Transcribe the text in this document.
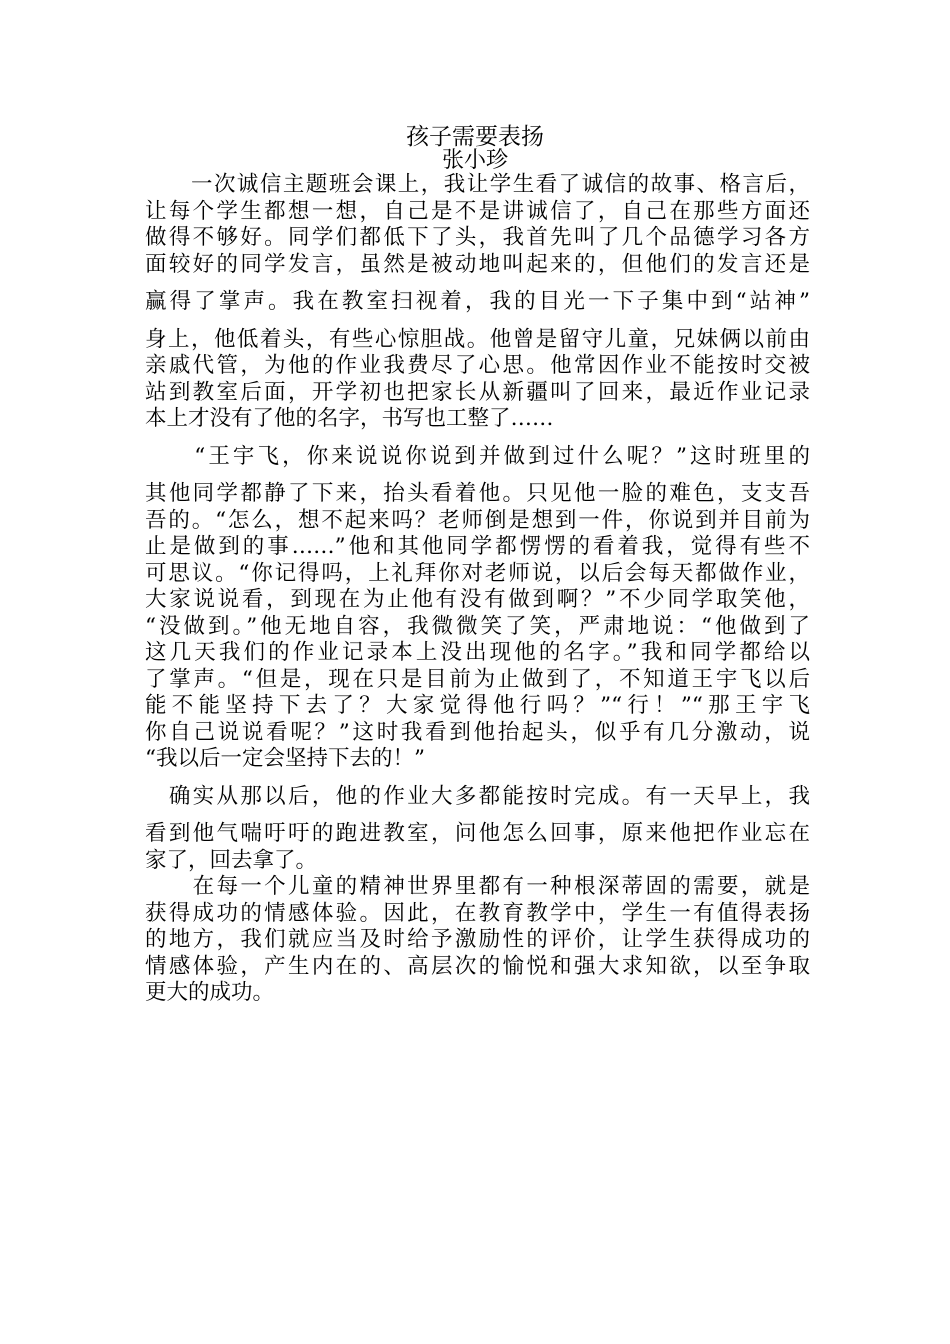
孩子需要表扬
张小珍
　　一次诚信主题班会课上，我让学生看了诚信的故事、格言后，
让每个学生都想一想，自己是不是讲诚信了，自己在那些方面还
做得不够好。同学们都低下了头，我首先叫了几个品德学习各方
面较好的同学发言，虽然是被动地叫起来的，但他们的发言还是
赢得了掌声。我在教室扫视着，我的目光一下子集中到“站神”
身上，他低着头，有些心惊胆战。他曾是留守儿童，兄妹俩以前由
亲戚代管，为他的作业我费尽了心思。他常因作业不能按时交被
站到教室后面，开学初也把家长从新疆叫了回来，最近作业记录
本上才没有了他的名字，书写也工整了……
　　“王宇飞，你来说说你说到并做到过什么呢？”这时班里的
其他同学都静了下来，抬头看着他。只见他一脸的难色，支支吾
吾的。“怎么，想不起来吗？老师倒是想到一件，你说到并目前为
止是做到的事……”他和其他同学都愣愣的看着我，觉得有些不
可思议。“你记得吗，上礼拜你对老师说，以后会每天都做作业，
大家说说看，到现在为止他有没有做到啊？”不少同学取笑他，
“没做到。”他无地自容，我微微笑了笑，严肃地说：“他做到了
这几天我们的作业记录本上没出现他的名字。”我和同学都给以
了掌声。“但是，现在只是目前为止做到了，不知道王宇飞以后
能不能坚持下去了？大家觉得他行吗？”“行！”“那王宇飞
你自己说说看呢？”这时我看到他抬起头，似乎有几分激动，说
“我以后一定会坚持下去的！”
　确实从那以后，他的作业大多都能按时完成。有一天早上，我
看到他气喘吁吁的跑进教室，问他怎么回事，原来他把作业忘在
家了，回去拿了。
　　在每一个儿童的精神世界里都有一种根深蒂固的需要，就是
获得成功的情感体验。因此，在教育教学中，学生一有值得表扬
的地方，我们就应当及时给予激励性的评价，让学生获得成功的
情感体验，产生内在的、高层次的愉悦和强大求知欲，以至争取
更大的成功。
